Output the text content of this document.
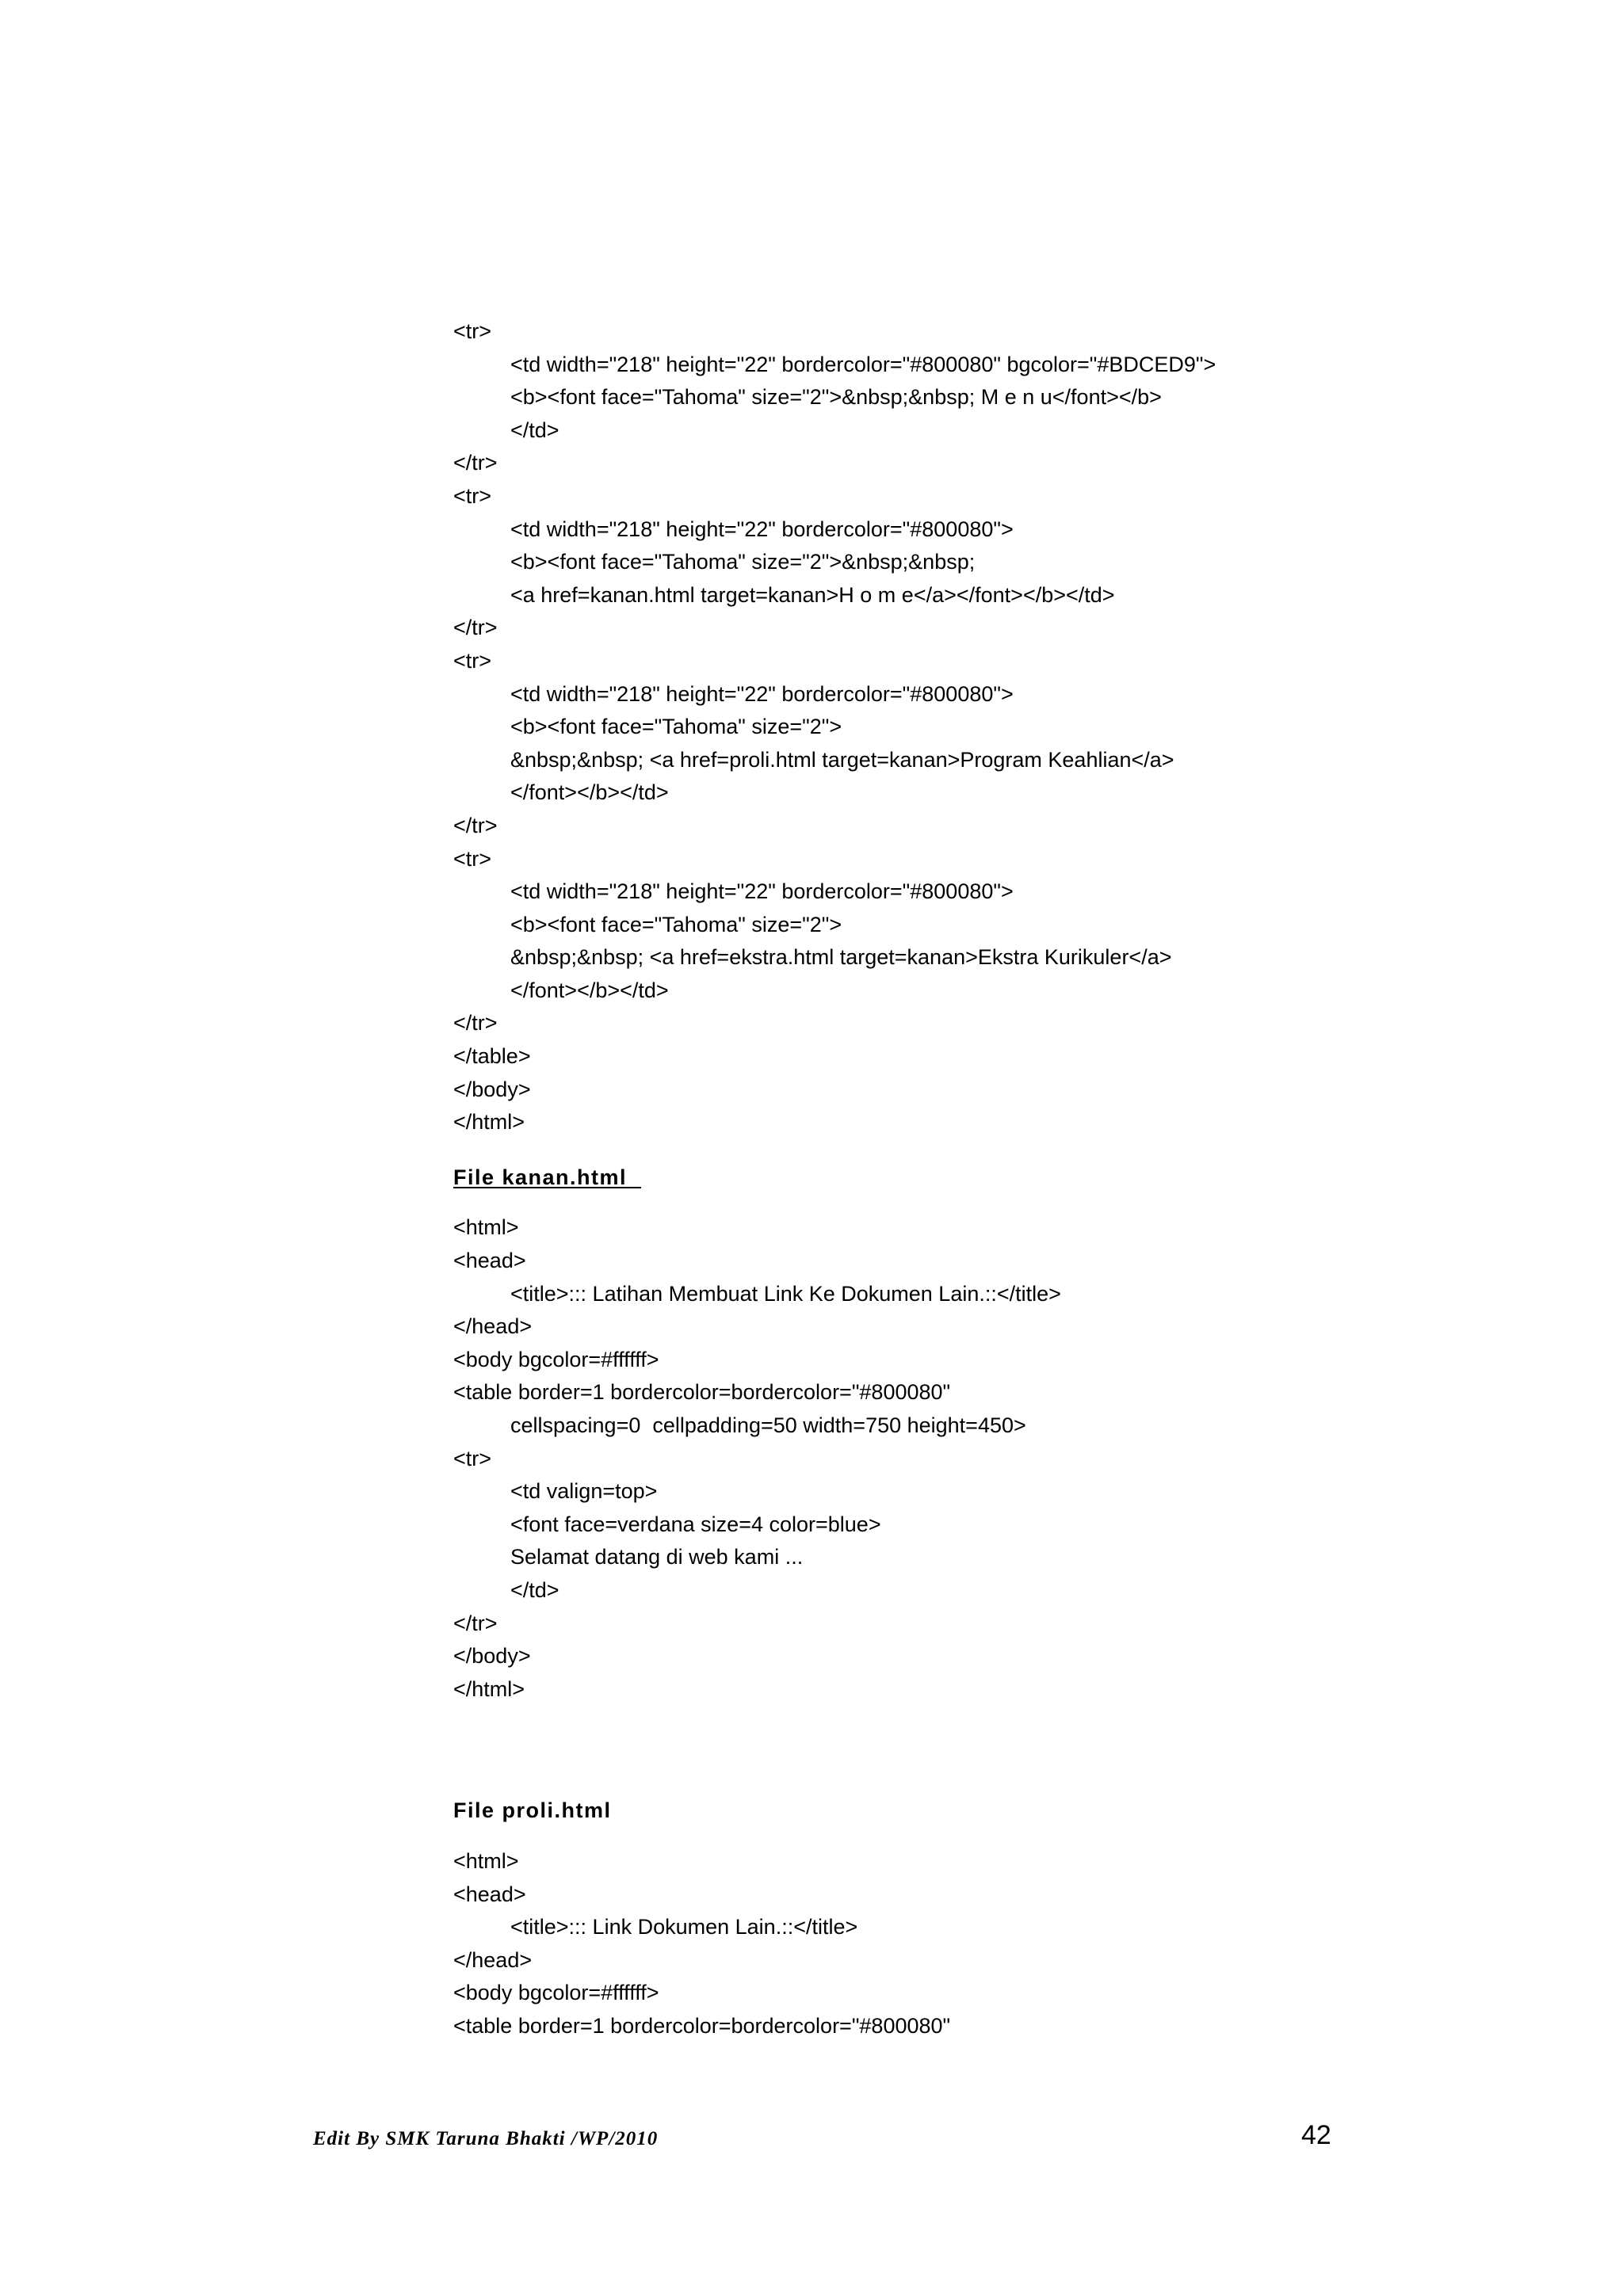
<tr>
<td width="218" height="22" bordercolor="#800080" bgcolor="#BDCED9">
<b><font face="Tahoma" size="2">&nbsp;&nbsp; M e n u</font></b>
</td>
</tr>
<tr>
<td width="218" height="22" bordercolor="#800080">
<b><font face="Tahoma" size="2">&nbsp;&nbsp;
<a href=kanan.html target=kanan>H o m e</a></font></b></td>
</tr>
<tr>
<td width="218" height="22" bordercolor="#800080">
<b><font face="Tahoma" size="2">
&nbsp;&nbsp; <a href=proli.html target=kanan>Program Keahlian</a>
</font></b></td>
</tr>
<tr>
<td width="218" height="22" bordercolor="#800080">
<b><font face="Tahoma" size="2">
&nbsp;&nbsp; <a href=ekstra.html target=kanan>Ekstra Kurikuler</a>
</font></b></td>
</tr>
</table>
</body>
</html>
File kanan.html
<html>
<head>
<title>::: Latihan Membuat Link Ke Dokumen Lain.::</title>
</head>
<body bgcolor=#ffffff>
<table border=1 bordercolor=bordercolor="#800080"
cellspacing=0  cellpadding=50 width=750 height=450>
<tr>
<td valign=top>
<font face=verdana size=4 color=blue>
Selamat datang di web kami ...
</td>
</tr>
</body>
</html>
File proli.html
<html>
<head>
<title>::: Link Dokumen Lain.::</title>
</head>
<body bgcolor=#ffffff>
<table border=1 bordercolor=bordercolor="#800080"
Edit By SMK Taruna Bhakti /WP/2010	42
